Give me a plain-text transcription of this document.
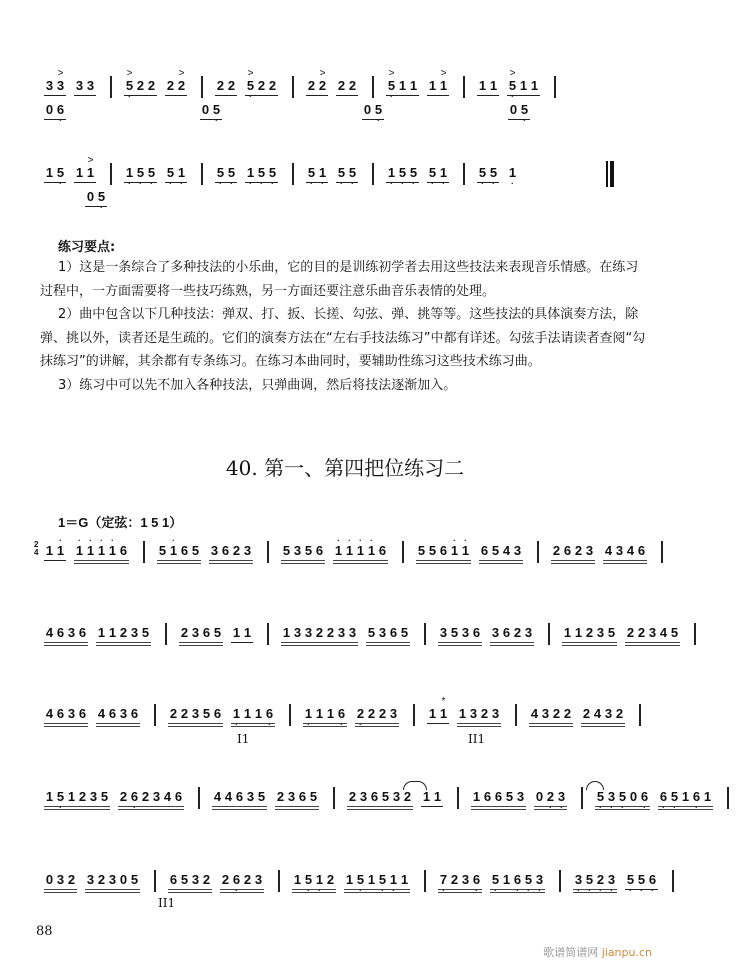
3 3
>
3 3 5
>
·
2 2 2 2
>
2 2 5
>
·
2 2 2 2
>
2 2 5
>
·
1 1 1 1
>
1 1 5
>
·
1 1
0 6
·
0 5
·
0 5
·
0 5
·
1 5
·
1 1
>
1
·
5
·
5
·
5
·
1
·
5
·
5
·
1
·
5
·
5
·
5
·
1
·
5
·
5
·
1
·
5
·
5
·
5
·
1
·
5
·
5
·
1
·
0 5
·
练习要点:
1）这是一条综合了多种技法的小乐曲，它的目的是训练初学者去用这些技法来表现音乐情感。在练习过程中，一方面需要将一些技巧练熟，另一方面还要注意乐曲音乐表情的处理。
2）曲中包含以下几种技法：弹双、打、扳、长搓、勾弦、弹、挑等等。这些技法的具体演奏方法，除弹、挑以外，读者还是生疏的。它们的演奏方法在“左右手技法练习”中都有详述。勾弦手法请读者查阅“勾抹练习”的讲解，其余都有专条练习。在练习本曲同时，要辅助性练习这些技术练习曲。
3）练习中可以先不加入各种技法，只弹曲调，然后将技法逐渐加入。
40. 第一、第四把位练习二
1＝G（定弦：1 5 1）
2
4 1 1
·
1
·
1
·
1
·
1
·
6 5 1
·
6 5 3 6 2 3 5 3 5 6 1
·
1
·
1
·
1
·
6 5 5 6 1
·
1
·
6 5 4 3 2 6 2 3 4 3 4 6
4 6 3 6 1 1 2 3 5 2 3 6 5 1 1 1 3 3 2 2 3 3 5 3 6 5 3 5 3 6 3 6 2 3 1 1 2 3 5 2 2 3 4 5
4 6 3 6 4 6 3 6 2 2 3 5 6 1
·
1 1 6
·
1
·
1 1 6
·
2
·
2 2 3 1 1
*
1 3 2 3 4 3 2 2 2 4 3 2
I1	II1
1 5
·
1 2 3 5 2 6
·
2 3 4 6 4 4 6 3 5 2 3 6 5 2 3 6 5 3 2 1 1 1 6 6 5 3 0 2
·
3
·
5
·
3
·
5
·
0 6
·
6
·
5
·
1 6
·
1
0 3 2 3 2 3 0 5 6 5 3 2 2 6
·
2 3 1 5
·
1
·
2 1 5
·
1 5
·
1
·
1 7
·
2 3 6
·
5
·
1 6
·
5
·
3
·
3
·
5
·
2
·
3
·
5
·
5
·
6
·
II1
88
歌谱简谱网 jianpu.cn
